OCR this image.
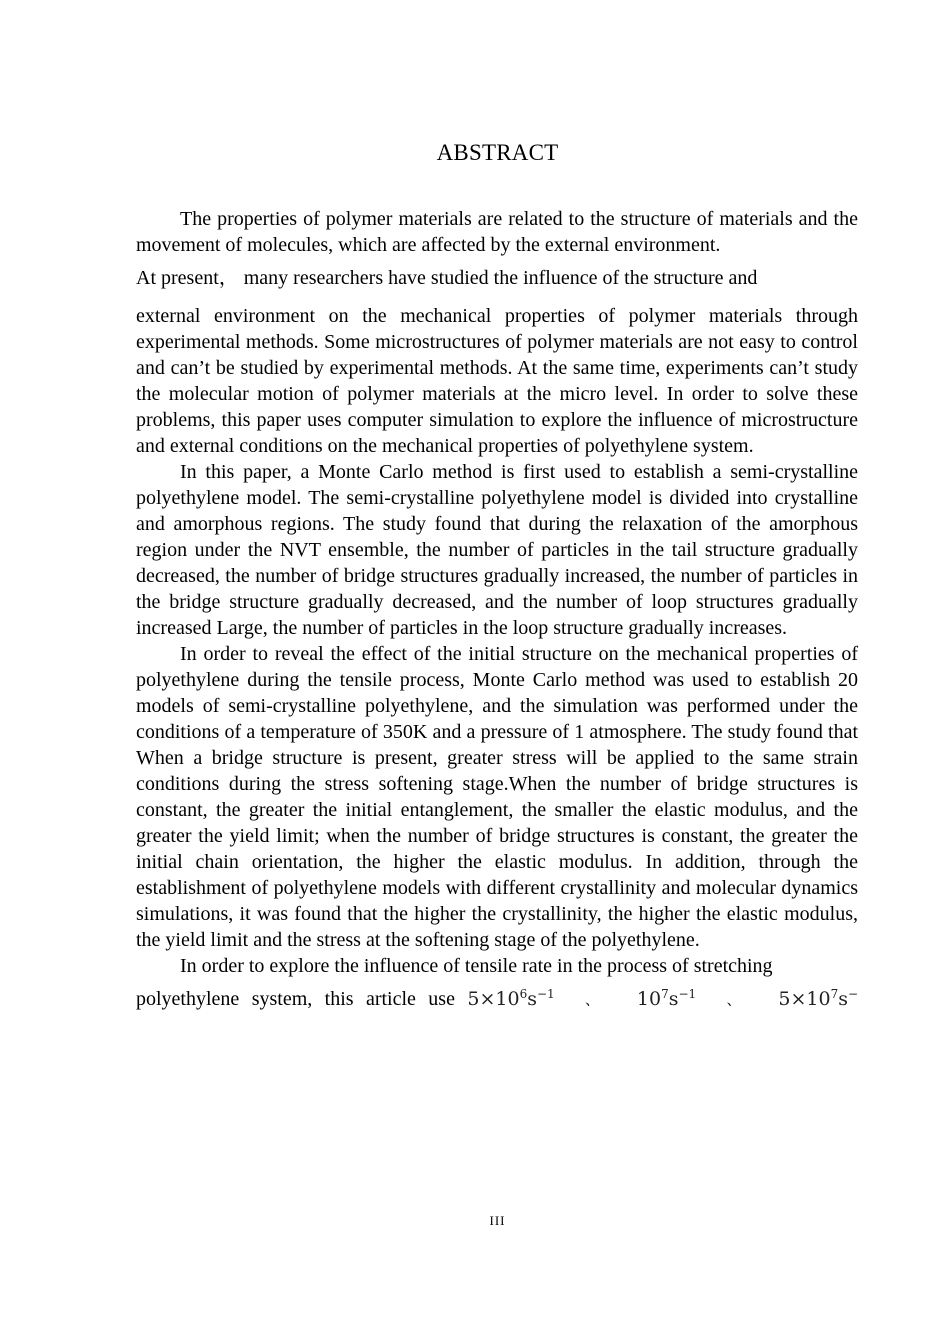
ABSTRACT

The properties of polymer materials are related to the structure of materials and the movement of molecules, which are affected by the external environment.
At present， many researchers have studied the influence of the structure and
external environment on the mechanical properties of polymer materials through experimental methods. Some microstructures of polymer materials are not easy to control and can’t be studied by experimental methods. At the same time, experiments can’t study the molecular motion of polymer materials at the micro level. In order to solve these problems, this paper uses computer simulation to explore the influence of microstructure and external conditions on the mechanical properties of polyethylene system.

In this paper, a Monte Carlo method is first used to establish a semi-crystalline polyethylene model. The semi-crystalline polyethylene model is divided into crystalline and amorphous regions. The study found that during the relaxation of the amorphous region under the NVT ensemble, the number of particles in the tail structure gradually decreased, the number of bridge structures gradually increased, the number of particles in the bridge structure gradually decreased, and the number of loop structures gradually increased Large, the number of particles in the loop structure gradually increases.

In order to reveal the effect of the initial structure on the mechanical properties of polyethylene during the tensile process, Monte Carlo method was used to establish 20 models of semi-crystalline polyethylene, and the simulation was performed under the conditions of a temperature of 350K and a pressure of 1 atmosphere. The study found that When a bridge structure is present, greater stress will be applied to the same strain conditions during the stress softening stage.When the number of bridge structures is constant, the greater the initial entanglement, the smaller the elastic modulus, and the greater the yield limit; when the number of bridge structures is constant, the greater the initial chain orientation, the higher the elastic modulus. In addition, through the establishment of polyethylene models with different crystallinity and molecular dynamics simulations, it was found that the higher the crystallinity, the higher the elastic modulus, the yield limit and the stress at the softening stage of the polyethylene.

In order to explore the influence of tensile rate in the process of stretching
polyethylene system, this article use $5\times 10^6s^{-1}$ 、 $10^7s^{-1}$ 、 $5\times 10^7s^-$

III
